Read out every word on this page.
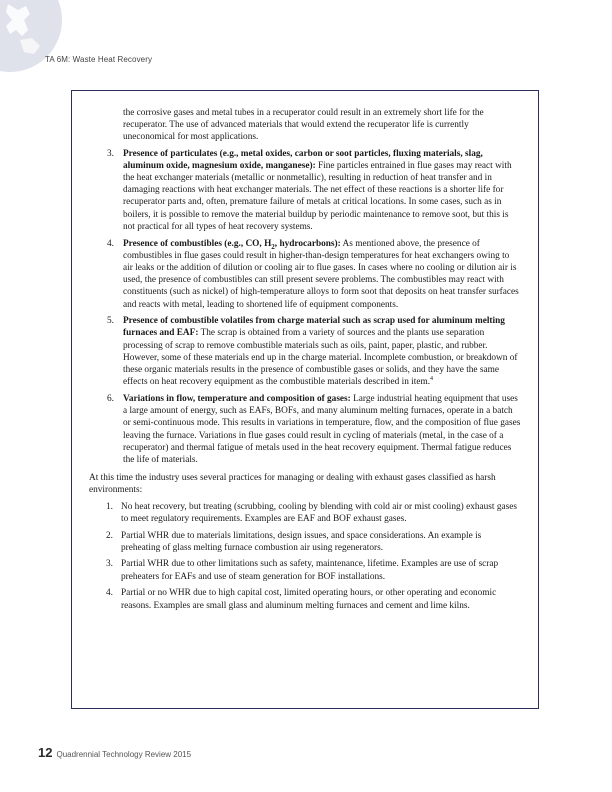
TA 6M: Waste Heat Recovery

the corrosive gases and metal tubes in a recuperator could result in an extremely short life for the recuperator. The use of advanced materials that would extend the recuperator life is currently uneconomical for most applications.

3. Presence of particulates (e.g., metal oxides, carbon or soot particles, fluxing materials, slag, aluminum oxide, magnesium oxide, manganese): Fine particles entrained in flue gases may react with the heat exchanger materials (metallic or nonmetallic), resulting in reduction of heat transfer and in damaging reactions with heat exchanger materials. The net effect of these reactions is a shorter life for recuperator parts and, often, premature failure of metals at critical locations. In some cases, such as in boilers, it is possible to remove the material buildup by periodic maintenance to remove soot, but this is not practical for all types of heat recovery systems.
4. Presence of combustibles (e.g., CO, $H_2$, hydrocarbons): As mentioned above, the presence of combustibles in flue gases could result in higher-than-design temperatures for heat exchangers owing to air leaks or the addition of dilution or cooling air to flue gases. In cases where no cooling or dilution air is used, the presence of combustibles can still present severe problems. The combustibles may react with constituents (such as nickel) of high-temperature alloys to form soot that deposits on heat transfer surfaces and reacts with metal, leading to shortened life of equipment components.
5. Presence of combustible volatiles from charge material such as scrap used for aluminum melting furnaces and EAF: The scrap is obtained from a variety of sources and the plants use separation processing of scrap to remove combustible materials such as oils, paint, paper, plastic, and rubber. However, some of these materials end up in the charge material. Incomplete combustion, or breakdown of these organic materials results in the presence of combustible gases or solids, and they have the same effects on heat recovery equipment as the combustible materials described in item.$^4$
6. Variations in flow, temperature and composition of gases: Large industrial heating equipment that uses a large amount of energy, such as EAFs, BOFs, and many aluminum melting furnaces, operate in a batch or semi-continuous mode. This results in variations in temperature, flow, and the composition of flue gases leaving the furnace. Variations in flue gases could result in cycling of materials (metal, in the case of a recuperator) and thermal fatigue of metals used in the heat recovery equipment. Thermal fatigue reduces the life of materials.

At this time the industry uses several practices for managing or dealing with exhaust gases classified as harsh environments:

1. No heat recovery, but treating (scrubbing, cooling by blending with cold air or mist cooling) exhaust gases to meet regulatory requirements. Examples are EAF and BOF exhaust gases.
2. Partial WHR due to materials limitations, design issues, and space considerations. An example is preheating of glass melting furnace combustion air using regenerators.
3. Partial WHR due to other limitations such as safety, maintenance, lifetime. Examples are use of scrap preheaters for EAFs and use of steam generation for BOF installations.
4. Partial or no WHR due to high capital cost, limited operating hours, or other operating and economic reasons. Examples are small glass and aluminum melting furnaces and cement and lime kilns.
12 Quadrennial Technology Review 2015
